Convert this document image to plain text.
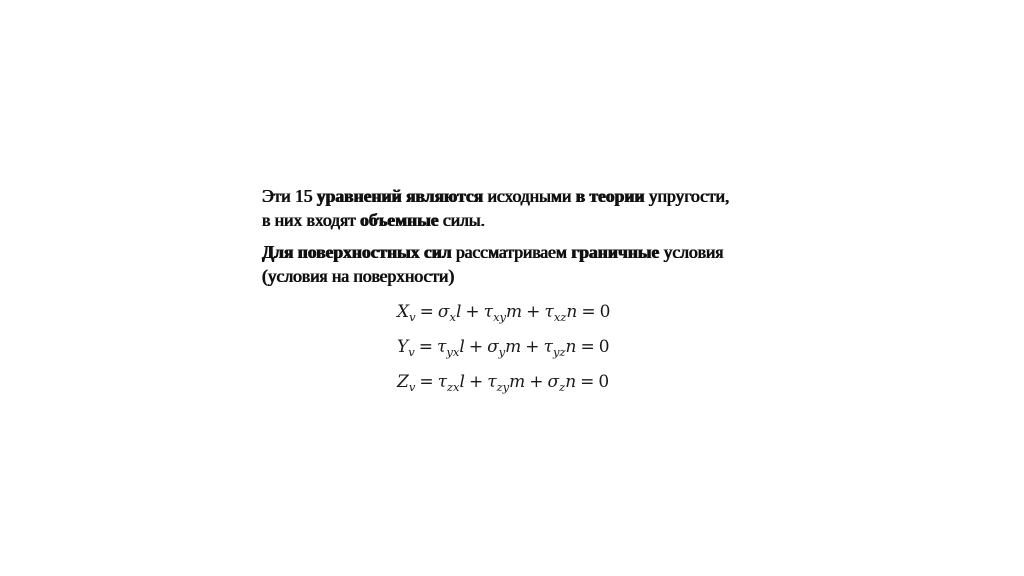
Эти 15 уравнений являются исходными в теории упругости,
в них входят объемные силы.
Для поверхностных сил рассматриваем граничные условия
(условия на поверхности)
$X_v = \sigma_xl + \tau_{xy}m + \tau_{xz}n = 0$
$Y_v = \tau_{yx}l + \sigma_ym + \tau_{yz}n = 0$
$Z_v = \tau_{zx}l + \tau_{zy}m + \sigma_zn = 0$
